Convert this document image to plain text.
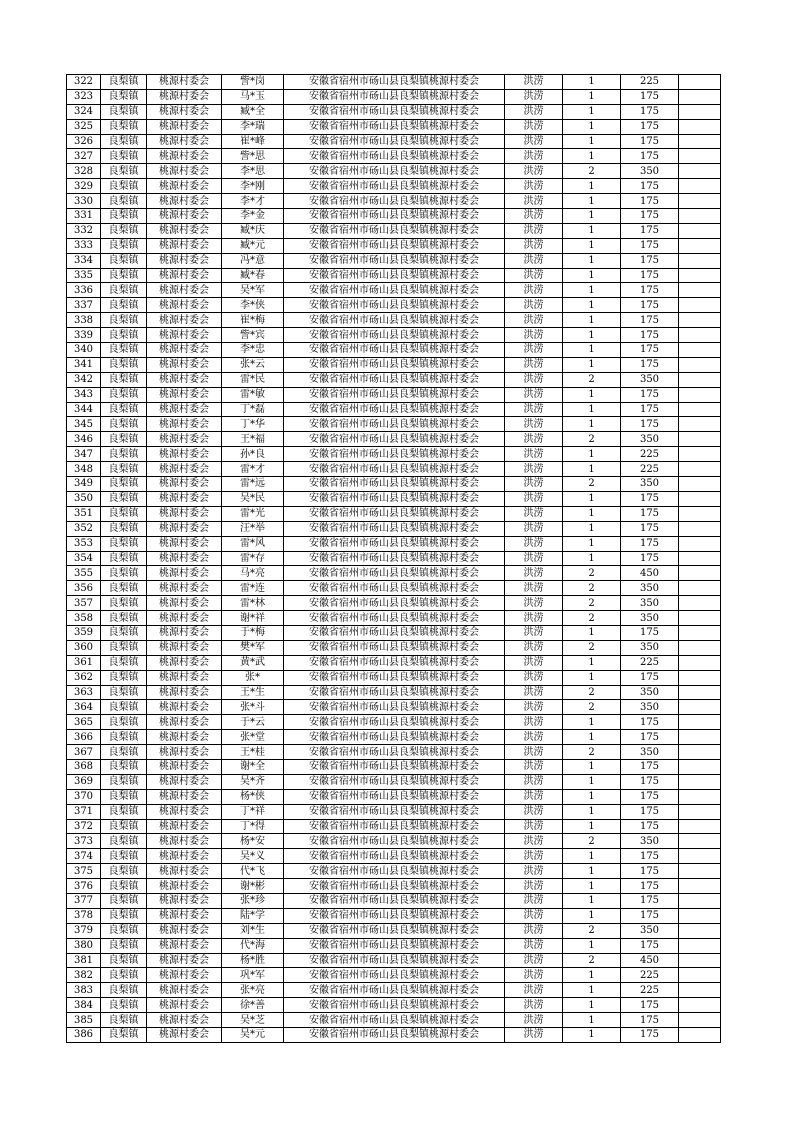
322	良梨镇	桃源村委会	訾*岗	安徽省宿州市砀山县良梨镇桃源村委会	洪涝	1	225	
323	良梨镇	桃源村委会	马*玉	安徽省宿州市砀山县良梨镇桃源村委会	洪涝	1	175	
324	良梨镇	桃源村委会	臧*全	安徽省宿州市砀山县良梨镇桃源村委会	洪涝	1	175	
325	良梨镇	桃源村委会	李*瑞	安徽省宿州市砀山县良梨镇桃源村委会	洪涝	1	175	
326	良梨镇	桃源村委会	崔*峰	安徽省宿州市砀山县良梨镇桃源村委会	洪涝	1	175	
327	良梨镇	桃源村委会	訾*思	安徽省宿州市砀山县良梨镇桃源村委会	洪涝	1	175	
328	良梨镇	桃源村委会	李*思	安徽省宿州市砀山县良梨镇桃源村委会	洪涝	2	350	
329	良梨镇	桃源村委会	李*刚	安徽省宿州市砀山县良梨镇桃源村委会	洪涝	1	175	
330	良梨镇	桃源村委会	李*才	安徽省宿州市砀山县良梨镇桃源村委会	洪涝	1	175	
331	良梨镇	桃源村委会	李*金	安徽省宿州市砀山县良梨镇桃源村委会	洪涝	1	175	
332	良梨镇	桃源村委会	臧*庆	安徽省宿州市砀山县良梨镇桃源村委会	洪涝	1	175	
333	良梨镇	桃源村委会	臧*元	安徽省宿州市砀山县良梨镇桃源村委会	洪涝	1	175	
334	良梨镇	桃源村委会	冯*意	安徽省宿州市砀山县良梨镇桃源村委会	洪涝	1	175	
335	良梨镇	桃源村委会	臧*春	安徽省宿州市砀山县良梨镇桃源村委会	洪涝	1	175	
336	良梨镇	桃源村委会	吴*军	安徽省宿州市砀山县良梨镇桃源村委会	洪涝	1	175	
337	良梨镇	桃源村委会	李*侠	安徽省宿州市砀山县良梨镇桃源村委会	洪涝	1	175	
338	良梨镇	桃源村委会	崔*梅	安徽省宿州市砀山县良梨镇桃源村委会	洪涝	1	175	
339	良梨镇	桃源村委会	訾*宾	安徽省宿州市砀山县良梨镇桃源村委会	洪涝	1	175	
340	良梨镇	桃源村委会	李*忠	安徽省宿州市砀山县良梨镇桃源村委会	洪涝	1	175	
341	良梨镇	桃源村委会	张*云	安徽省宿州市砀山县良梨镇桃源村委会	洪涝	1	175	
342	良梨镇	桃源村委会	雷*民	安徽省宿州市砀山县良梨镇桃源村委会	洪涝	2	350	
343	良梨镇	桃源村委会	雷*敏	安徽省宿州市砀山县良梨镇桃源村委会	洪涝	1	175	
344	良梨镇	桃源村委会	丁*磊	安徽省宿州市砀山县良梨镇桃源村委会	洪涝	1	175	
345	良梨镇	桃源村委会	丁*华	安徽省宿州市砀山县良梨镇桃源村委会	洪涝	1	175	
346	良梨镇	桃源村委会	王*福	安徽省宿州市砀山县良梨镇桃源村委会	洪涝	2	350	
347	良梨镇	桃源村委会	孙*良	安徽省宿州市砀山县良梨镇桃源村委会	洪涝	1	225	
348	良梨镇	桃源村委会	雷*才	安徽省宿州市砀山县良梨镇桃源村委会	洪涝	1	225	
349	良梨镇	桃源村委会	雷*远	安徽省宿州市砀山县良梨镇桃源村委会	洪涝	2	350	
350	良梨镇	桃源村委会	吴*民	安徽省宿州市砀山县良梨镇桃源村委会	洪涝	1	175	
351	良梨镇	桃源村委会	雷*光	安徽省宿州市砀山县良梨镇桃源村委会	洪涝	1	175	
352	良梨镇	桃源村委会	汪*举	安徽省宿州市砀山县良梨镇桃源村委会	洪涝	1	175	
353	良梨镇	桃源村委会	雷*风	安徽省宿州市砀山县良梨镇桃源村委会	洪涝	1	175	
354	良梨镇	桃源村委会	雷*存	安徽省宿州市砀山县良梨镇桃源村委会	洪涝	1	175	
355	良梨镇	桃源村委会	马*亮	安徽省宿州市砀山县良梨镇桃源村委会	洪涝	2	450	
356	良梨镇	桃源村委会	雷*连	安徽省宿州市砀山县良梨镇桃源村委会	洪涝	2	350	
357	良梨镇	桃源村委会	雷*林	安徽省宿州市砀山县良梨镇桃源村委会	洪涝	2	350	
358	良梨镇	桃源村委会	谢*祥	安徽省宿州市砀山县良梨镇桃源村委会	洪涝	2	350	
359	良梨镇	桃源村委会	于*梅	安徽省宿州市砀山县良梨镇桃源村委会	洪涝	1	175	
360	良梨镇	桃源村委会	樊*军	安徽省宿州市砀山县良梨镇桃源村委会	洪涝	2	350	
361	良梨镇	桃源村委会	黄*武	安徽省宿州市砀山县良梨镇桃源村委会	洪涝	1	225	
362	良梨镇	桃源村委会	张*	安徽省宿州市砀山县良梨镇桃源村委会	洪涝	1	175	
363	良梨镇	桃源村委会	王*生	安徽省宿州市砀山县良梨镇桃源村委会	洪涝	2	350	
364	良梨镇	桃源村委会	张*斗	安徽省宿州市砀山县良梨镇桃源村委会	洪涝	2	350	
365	良梨镇	桃源村委会	于*云	安徽省宿州市砀山县良梨镇桃源村委会	洪涝	1	175	
366	良梨镇	桃源村委会	张*堂	安徽省宿州市砀山县良梨镇桃源村委会	洪涝	1	175	
367	良梨镇	桃源村委会	王*桂	安徽省宿州市砀山县良梨镇桃源村委会	洪涝	2	350	
368	良梨镇	桃源村委会	谢*全	安徽省宿州市砀山县良梨镇桃源村委会	洪涝	1	175	
369	良梨镇	桃源村委会	吴*齐	安徽省宿州市砀山县良梨镇桃源村委会	洪涝	1	175	
370	良梨镇	桃源村委会	杨*侠	安徽省宿州市砀山县良梨镇桃源村委会	洪涝	1	175	
371	良梨镇	桃源村委会	丁*祥	安徽省宿州市砀山县良梨镇桃源村委会	洪涝	1	175	
372	良梨镇	桃源村委会	丁*得	安徽省宿州市砀山县良梨镇桃源村委会	洪涝	1	175	
373	良梨镇	桃源村委会	杨*安	安徽省宿州市砀山县良梨镇桃源村委会	洪涝	2	350	
374	良梨镇	桃源村委会	吴*义	安徽省宿州市砀山县良梨镇桃源村委会	洪涝	1	175	
375	良梨镇	桃源村委会	代*飞	安徽省宿州市砀山县良梨镇桃源村委会	洪涝	1	175	
376	良梨镇	桃源村委会	谢*彬	安徽省宿州市砀山县良梨镇桃源村委会	洪涝	1	175	
377	良梨镇	桃源村委会	张*珍	安徽省宿州市砀山县良梨镇桃源村委会	洪涝	1	175	
378	良梨镇	桃源村委会	陆*学	安徽省宿州市砀山县良梨镇桃源村委会	洪涝	1	175	
379	良梨镇	桃源村委会	刘*生	安徽省宿州市砀山县良梨镇桃源村委会	洪涝	2	350	
380	良梨镇	桃源村委会	代*海	安徽省宿州市砀山县良梨镇桃源村委会	洪涝	1	175	
381	良梨镇	桃源村委会	杨*胜	安徽省宿州市砀山县良梨镇桃源村委会	洪涝	2	450	
382	良梨镇	桃源村委会	巩*军	安徽省宿州市砀山县良梨镇桃源村委会	洪涝	1	225	
383	良梨镇	桃源村委会	张*亮	安徽省宿州市砀山县良梨镇桃源村委会	洪涝	1	225	
384	良梨镇	桃源村委会	徐*善	安徽省宿州市砀山县良梨镇桃源村委会	洪涝	1	175	
385	良梨镇	桃源村委会	吴*芝	安徽省宿州市砀山县良梨镇桃源村委会	洪涝	1	175	
386	良梨镇	桃源村委会	吴*元	安徽省宿州市砀山县良梨镇桃源村委会	洪涝	1	175	
